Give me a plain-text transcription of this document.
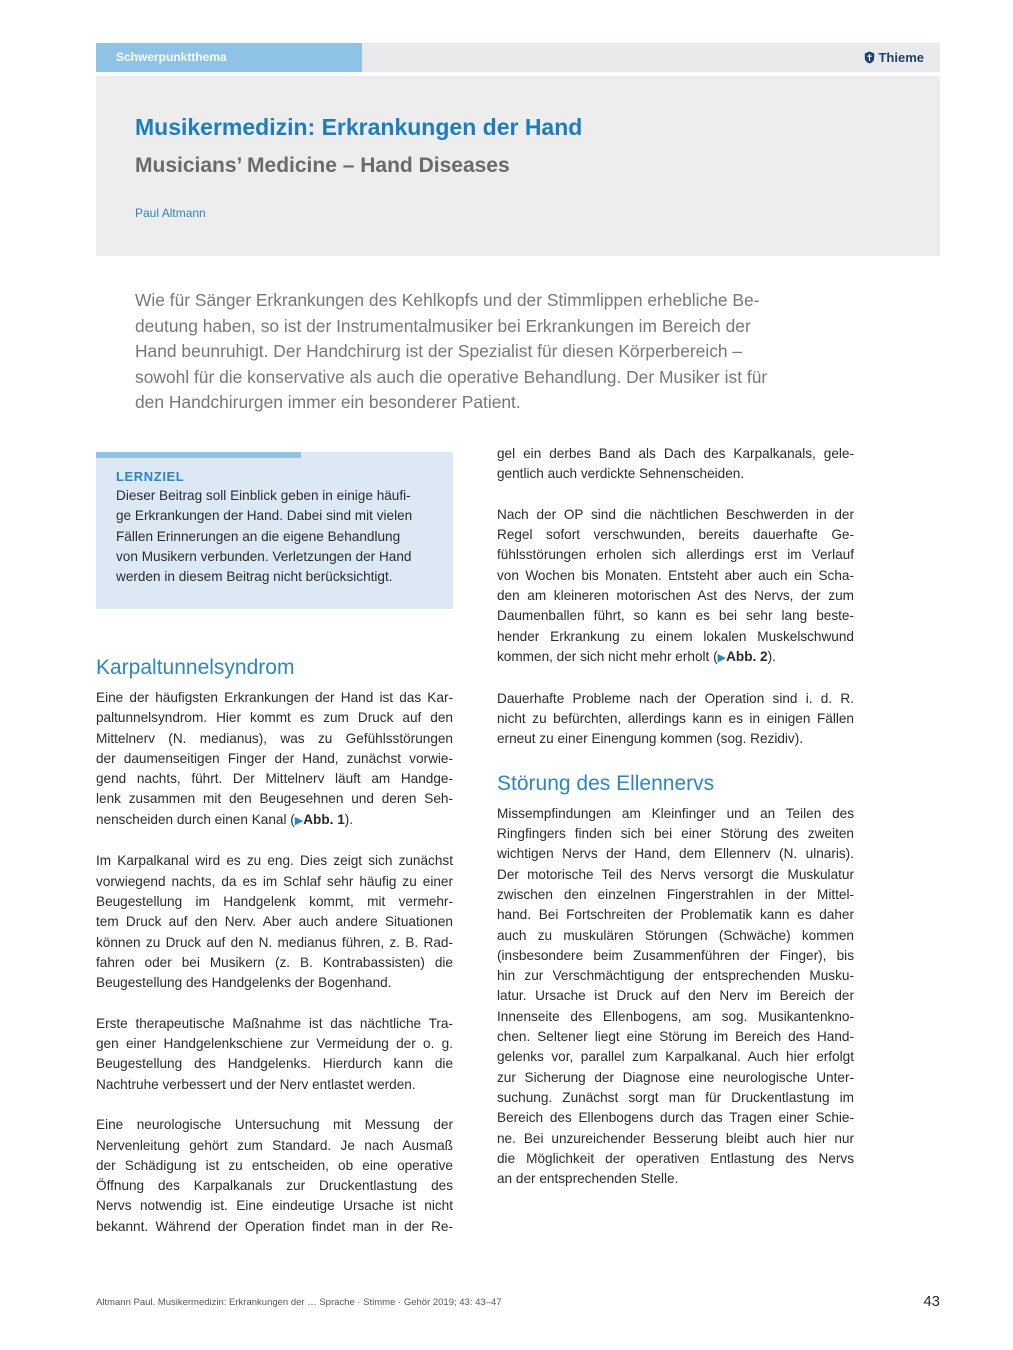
Schwerpunktthema	Thieme
Musikermedizin: Erkrankungen der Hand
Musicians’ Medicine – Hand Diseases
Paul Altmann
Wie für Sänger Erkrankungen des Kehlkopfs und der Stimmlippen erhebliche Be-
deutung haben, so ist der Instrumentalmusiker bei Erkrankungen im Bereich der
Hand beunruhigt. Der Handchirurg ist der Spezialist für diesen Körperbereich –
sowohl für die konservative als auch die operative Behandlung. Der Musiker ist für
den Handchirurgen immer ein besonderer Patient.
LERNZIEL
Dieser Beitrag soll Einblick geben in einige häufi-
ge Erkrankungen der Hand. Dabei sind mit vielen
Fällen Erinnerungen an die eigene Behandlung
von Musikern verbunden. Verletzungen der Hand
werden in diesem Beitrag nicht berücksichtigt.
Karpaltunnelsyndrom

Eine der häufigsten Erkrankungen der Hand ist das Kar-
paltunnelsyndrom. Hier kommt es zum Druck auf den
Mittelnerv (N. medianus), was zu Gefühlsstörungen
der daumenseitigen Finger der Hand, zunächst vorwie-
gend nachts, führt. Der Mittelnerv läuft am Handge-
lenk zusammen mit den Beugesehnen und deren Seh-
nenscheiden durch einen Kanal (▶Abb. 1).

Im Karpalkanal wird es zu eng. Dies zeigt sich zunächst
vorwiegend nachts, da es im Schlaf sehr häufig zu einer
Beugestellung im Handgelenk kommt, mit vermehr-
tem Druck auf den Nerv. Aber auch andere Situationen
können zu Druck auf den N. medianus führen, z. B. Rad-
fahren oder bei Musikern (z. B. Kontrabassisten) die
Beugestellung des Handgelenks der Bogenhand.

Erste therapeutische Maßnahme ist das nächtliche Tra-
gen einer Handgelenkschiene zur Vermeidung der o. g.
Beugestellung des Handgelenks. Hierdurch kann die
Nachtruhe verbessert und der Nerv entlastet werden.

Eine neurologische Untersuchung mit Messung der
Nervenleitung gehört zum Standard. Je nach Ausmaß
der Schädigung ist zu entscheiden, ob eine operative
Öffnung des Karpalkanals zur Druckentlastung des
Nervs notwendig ist. Eine eindeutige Ursache ist nicht
bekannt. Während der Operation findet man in der Re-

gel ein derbes Band als Dach des Karpalkanals, gele-
gentlich auch verdickte Sehnenscheiden.

Nach der OP sind die nächtlichen Beschwerden in der
Regel sofort verschwunden, bereits dauerhafte Ge-
fühlsstörungen erholen sich allerdings erst im Verlauf
von Wochen bis Monaten. Entsteht aber auch ein Scha-
den am kleineren motorischen Ast des Nervs, der zum
Daumenballen führt, so kann es bei sehr lang beste-
hender Erkrankung zu einem lokalen Muskelschwund
kommen, der sich nicht mehr erholt (▶Abb. 2).

Dauerhafte Probleme nach der Operation sind i. d. R.
nicht zu befürchten, allerdings kann es in einigen Fällen
erneut zu einer Einengung kommen (sog. Rezidiv).

Störung des Ellennervs

Missempfindungen am Kleinfinger und an Teilen des
Ringfingers finden sich bei einer Störung des zweiten
wichtigen Nervs der Hand, dem Ellennerv (N. ulnaris).
Der motorische Teil des Nervs versorgt die Muskulatur
zwischen den einzelnen Fingerstrahlen in der Mittel-
hand. Bei Fortschreiten der Problematik kann es daher
auch zu muskulären Störungen (Schwäche) kommen
(insbesondere beim Zusammenführen der Finger), bis
hin zur Verschmächtigung der entsprechenden Musku-
latur. Ursache ist Druck auf den Nerv im Bereich der
Innenseite des Ellenbogens, am sog. Musikantenkno-
chen. Seltener liegt eine Störung im Bereich des Hand-
gelenks vor, parallel zum Karpalkanal. Auch hier erfolgt
zur Sicherung der Diagnose eine neurologische Unter-
suchung. Zunächst sorgt man für Druckentlastung im
Bereich des Ellenbogens durch das Tragen einer Schie-
ne. Bei unzureichender Besserung bleibt auch hier nur
die Möglichkeit der operativen Entlastung des Nervs
an der entsprechenden Stelle.

Altmann Paul. Musikermedizin: Erkrankungen der … Sprache · Stimme · Gehör 2019; 43: 43–47	43
